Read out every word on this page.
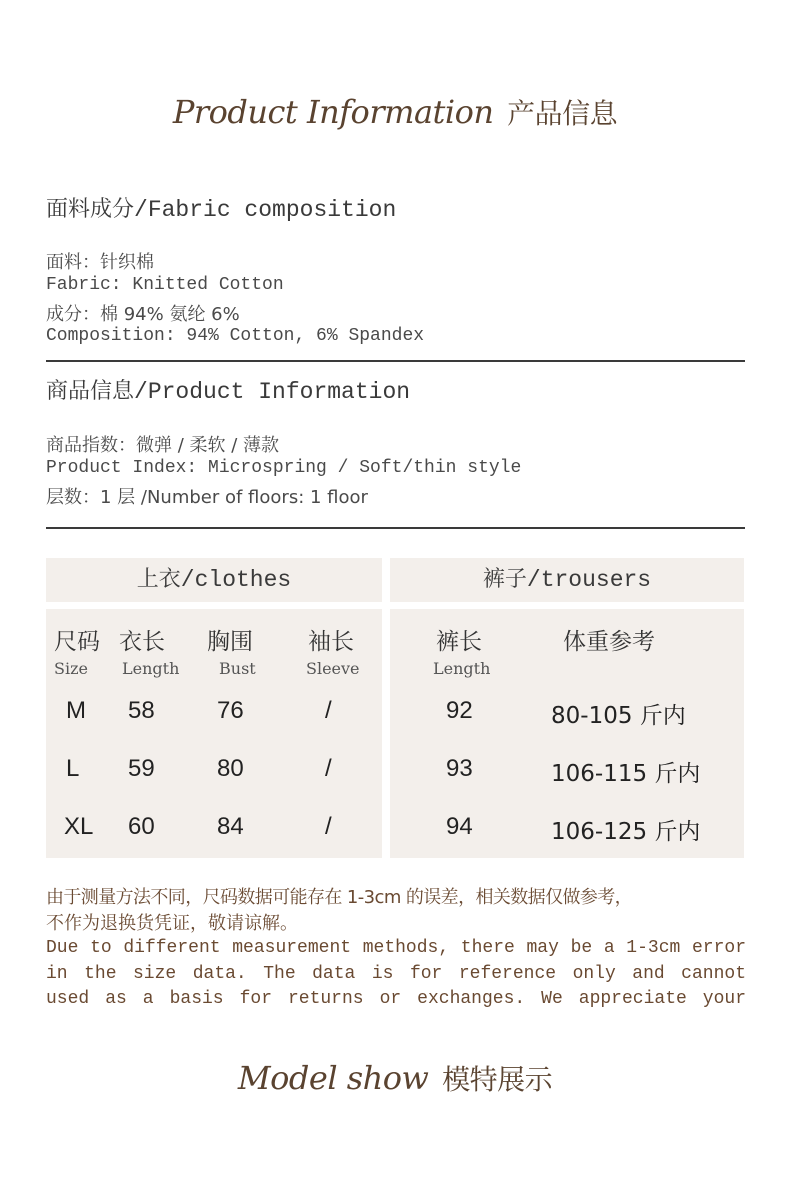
Product Information 产品信息
面料成分/Fabric composition
面料：针织棉
Fabric: Knitted Cotton
成分：棉 94% 氨纶 6%
Composition: 94% Cotton, 6% Spandex
商品信息/Product Information
商品指数：微弹 / 柔软 / 薄款
Product Index: Microspring / Soft/thin style
层数：1 层 /Number of floors: 1 floor
上衣/clothes
尺码 衣长 胸围 袖长
Size Length Bust	Sleeve
M 58	76	/
L 59	80	/
XL 60	84	/
裤子/trousers
裤长	体重参考
Length
92	80-105 斤内
93	106-115 斤内
94	106-125 斤内
由于测量方法不同，尺码数据可能存在 1-3cm 的误差，相关数据仅做参考，
不作为退换货凭证，敬请谅解。
Due to different measurement methods, there may be a 1-3cm error
in the size data. The data is for reference only and cannot
used as a basis for returns or exchanges. We appreciate your
Model show 模特展示
